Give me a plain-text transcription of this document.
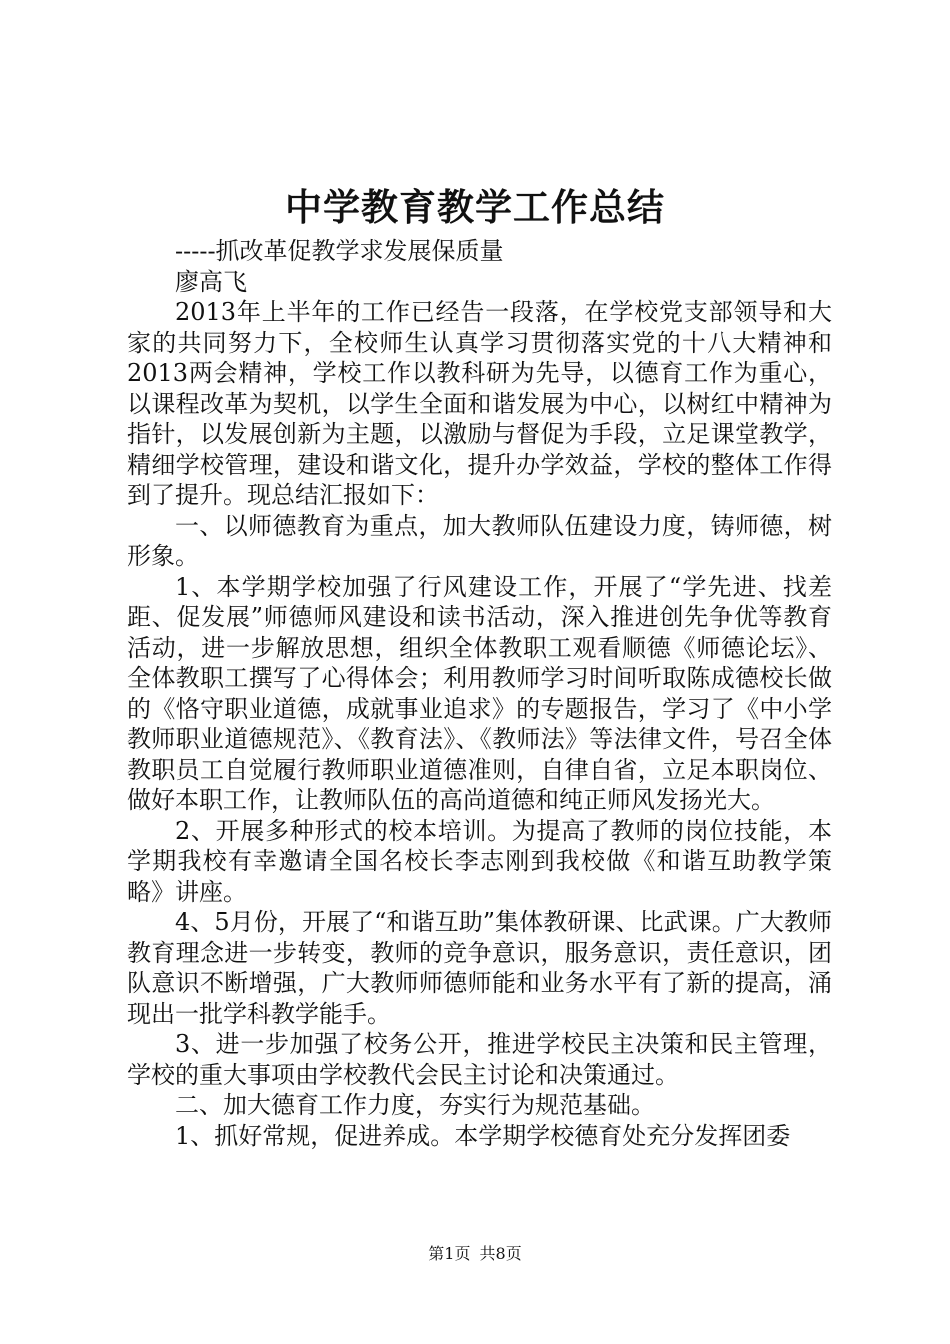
中学教育教学工作总结

-----抓改革促教学求发展保质量

廖高飞

2013年上半年的工作已经告一段落，在学校党支部领导和大家的共同努力下，全校师生认真学习贯彻落实党的十八大精神和2013两会精神，学校工作以教科研为先导，以德育工作为重心，以课程改革为契机，以学生全面和谐发展为中心，以树红中精神为指针，以发展创新为主题，以激励与督促为手段，立足课堂教学，精细学校管理，建设和谐文化，提升办学效益，学校的整体工作得到了提升。现总结汇报如下：

一、以师德教育为重点，加大教师队伍建设力度，铸师德，树形象。

1、本学期学校加强了行风建设工作，开展了“学先进、找差距、促发展”师德师风建设和读书活动，深入推进创先争优等教育活动，进一步解放思想，组织全体教职工观看顺德《师德论坛》、全体教职工撰写了心得体会；利用教师学习时间听取陈成德校长做的《恪守职业道德，成就事业追求》的专题报告，学习了《中小学教师职业道德规范》、《教育法》、《教师法》等法律文件，号召全体教职员工自觉履行教师职业道德准则，自律自省，立足本职岗位、做好本职工作，让教师队伍的高尚道德和纯正师风发扬光大。

2、开展多种形式的校本培训。为提高了教师的岗位技能，本学期我校有幸邀请全国名校长李志刚到我校做《和谐互助教学策略》讲座。

4、5月份，开展了“和谐互助”集体教研课、比武课。广大教师教育理念进一步转变，教师的竞争意识，服务意识，责任意识，团队意识不断增强，广大教师师德师能和业务水平有了新的提高，涌现出一批学科教学能手。

3、进一步加强了校务公开，推进学校民主决策和民主管理，学校的重大事项由学校教代会民主讨论和决策通过。

二、加大德育工作力度，夯实行为规范基础。

1、抓好常规，促进养成。本学期学校德育处充分发挥团委

第1页 共8页
